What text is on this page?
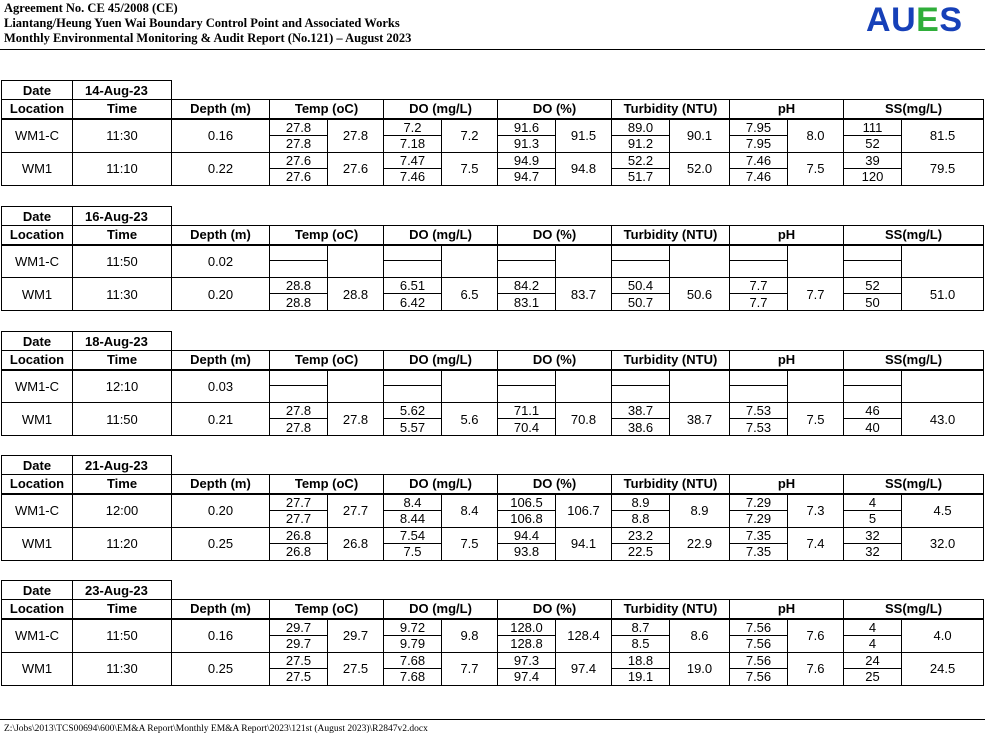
Agreement No. CE 45/2008 (CE)
Liantang/Heung Yuen Wai Boundary Control Point and Associated Works
Monthly Environmental Monitoring & Audit Report (No.121) – August 2023	AUES
Date	14-Aug-23													
Location	Time	Depth (m)	Temp (oC)		DO (mg/L)		DO (%)		Turbidity (NTU)		pH		SS(mg/L)	
WM1-C	11:30	0.16	27.8	27.8	7.2	7.2	91.6	91.5	89.0	90.1	7.95	8.0	111	81.5
			27.8		7.18		91.3		91.2		7.95		52	
WM1	11:10	0.22	27.6	27.6	7.47	7.5	94.9	94.8	52.2	52.0	7.46	7.5	39	79.5
			27.6		7.46		94.7		51.7		7.46		120	
Date	16-Aug-23													
Location	Time	Depth (m)	Temp (oC)		DO (mg/L)		DO (%)		Turbidity (NTU)		pH		SS(mg/L)	
WM1-C	11:50	0.02												

WM1	11:30	0.20	28.8	28.8	6.51	6.5	84.2	83.7	50.4	50.6	7.7	7.7	52	51.0
			28.8		6.42		83.1		50.7		7.7		50	
Date	18-Aug-23													
Location	Time	Depth (m)	Temp (oC)		DO (mg/L)		DO (%)		Turbidity (NTU)		pH		SS(mg/L)	
WM1-C	12:10	0.03												

WM1	11:50	0.21	27.8	27.8	5.62	5.6	71.1	70.8	38.7	38.7	7.53	7.5	46	43.0
			27.8		5.57		70.4		38.6		7.53		40	
Date	21-Aug-23													
Location	Time	Depth (m)	Temp (oC)		DO (mg/L)		DO (%)		Turbidity (NTU)		pH		SS(mg/L)	
WM1-C	12:00	0.20	27.7	27.7	8.4	8.4	106.5	106.7	8.9	8.9	7.29	7.3	4	4.5
			27.7		8.44		106.8		8.8		7.29		5	
WM1	11:20	0.25	26.8	26.8	7.54	7.5	94.4	94.1	23.2	22.9	7.35	7.4	32	32.0
			26.8		7.5		93.8		22.5		7.35		32	
Date	23-Aug-23													
Location	Time	Depth (m)	Temp (oC)		DO (mg/L)		DO (%)		Turbidity (NTU)		pH		SS(mg/L)	
WM1-C	11:50	0.16	29.7	29.7	9.72	9.8	128.0	128.4	8.7	8.6	7.56	7.6	4	4.0
			29.7		9.79		128.8		8.5		7.56		4	
WM1	11:30	0.25	27.5	27.5	7.68	7.7	97.3	97.4	18.8	19.0	7.56	7.6	24	24.5
			27.5		7.68		97.4		19.1		7.56		25	
Z:\Jobs\2013\TCS00694\600\EM&A Report\Monthly EM&A Report\2023\121st (August 2023)\R2847v2.docx
